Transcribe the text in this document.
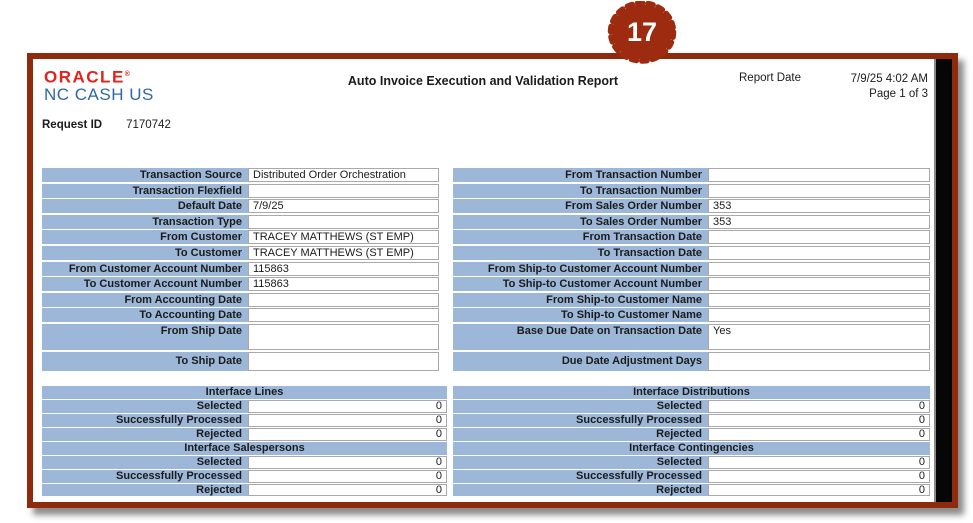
17
ORACLE®
NC CASH US
Auto Invoice Execution and Validation Report	Report Date	7/9/25 4:02 AM
Page 1 of 3
Request ID 7170742
Transaction Source	Distributed Order Orchestration
Transaction Flexfield
Default Date	7/9/25
Transaction Type
From Customer	TRACEY MATTHEWS (ST EMP)
To Customer	TRACEY MATTHEWS (ST EMP)
From Customer Account Number	115863
To Customer Account Number	115863
From Accounting Date
To Accounting Date
From Ship Date
To Ship Date
From Transaction Number
To Transaction Number
From Sales Order Number	353
To Sales Order Number	353
From Transaction Date
To Transaction Date
From Ship-to Customer Account Number
To Ship-to Customer Account Number
From Ship-to Customer Name
To Ship-to Customer Name
Base Due Date on Transaction Date	Yes
Due Date Adjustment Days
Interface Lines
Selected	0
Successfully Processed	0
Rejected	0
Interface Salespersons
Selected	0
Successfully Processed	0
Rejected	0
Interface Distributions
Selected	0
Successfully Processed	0
Rejected	0
Interface Contingencies
Selected	0
Successfully Processed	0
Rejected	0
